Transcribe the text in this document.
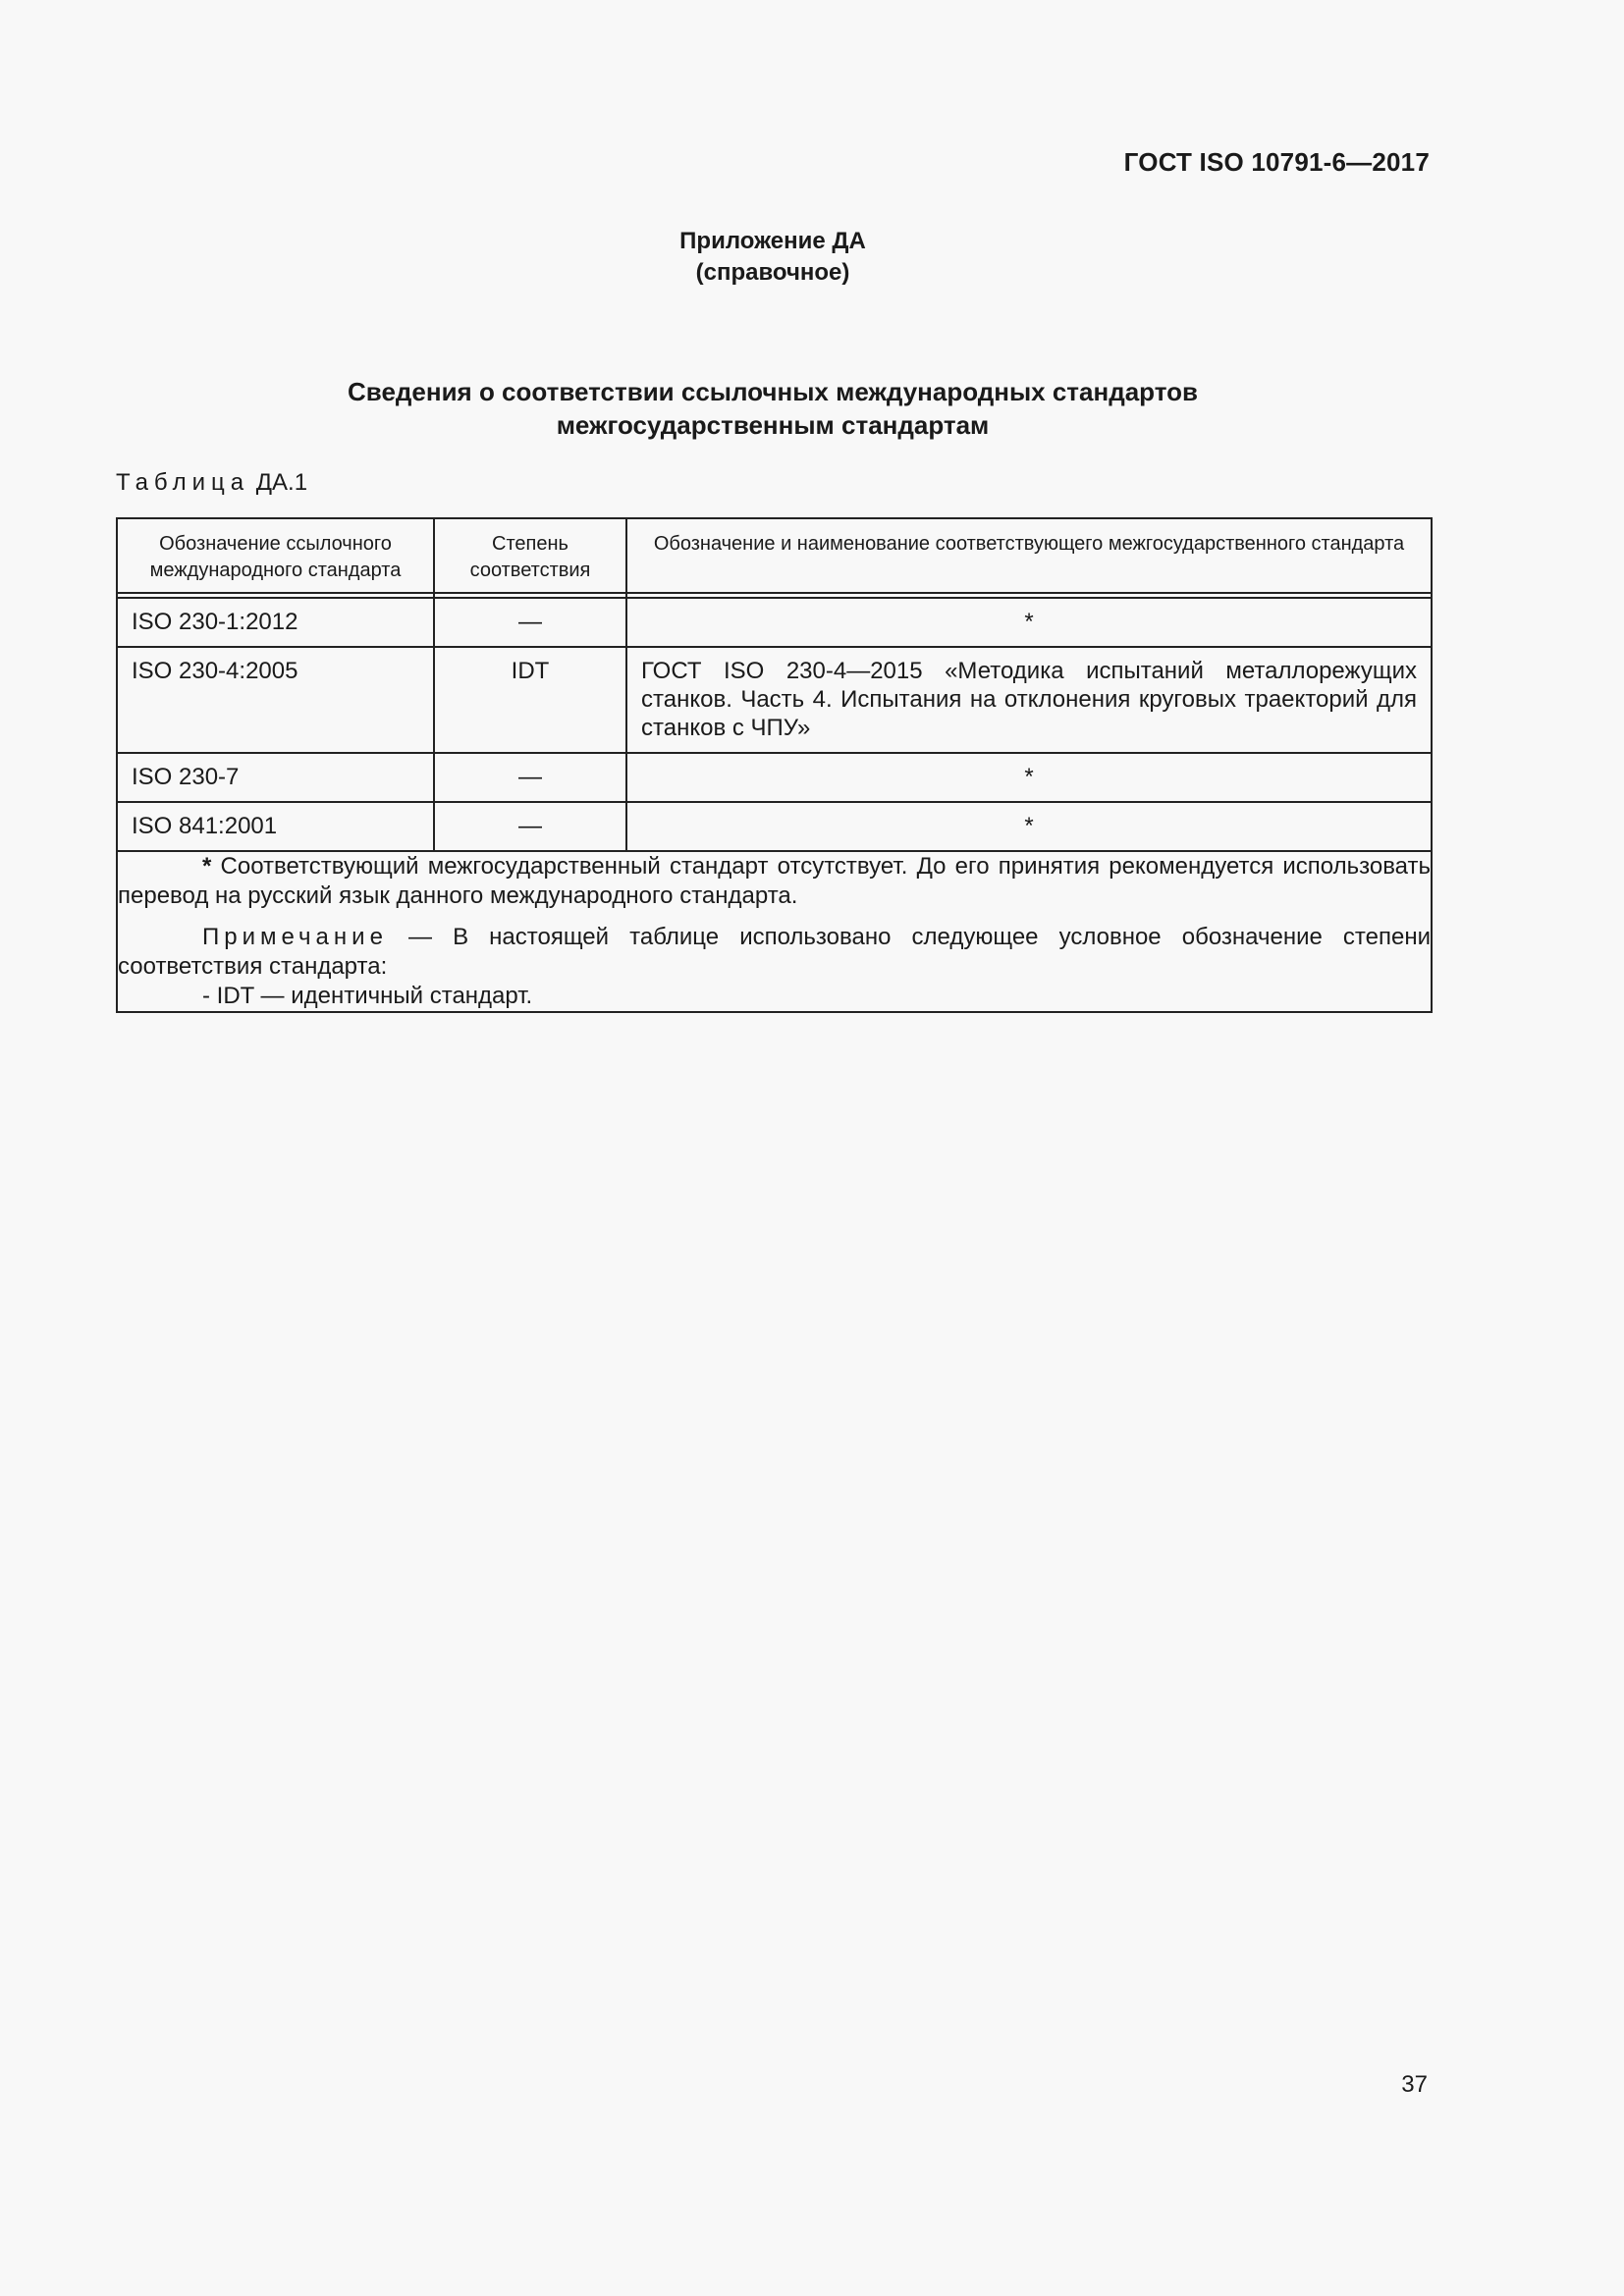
ГОСТ ISO 10791-6—2017
Приложение ДА
(справочное)
Сведения о соответствии ссылочных международных стандартов
межгосударственным стандартам
Таблица ДА.1
Обозначение ссылочного международного стандарта	Степень соответствия	Обозначение и наименование соответствующего межгосударственного стандарта

ISO 230-1:2012	—	*
ISO 230-4:2005	IDT	ГОСТ ISO 230-4—2015 «Методика испытаний металлорежущих станков. Часть 4. Испытания на отклонения круговых траекторий для станков с ЧПУ»
ISO 230-7	—	*
ISO 841:2001	—	*

* Соответствующий межгосударственный стандарт отсутствует. До его принятия рекомендуется использовать перевод на русский язык данного международного стандарта.

Примечание — В настоящей таблице использовано следующее условное обозначение степени соответствия стандарта:

- IDT — идентичный стандарт.		
37
